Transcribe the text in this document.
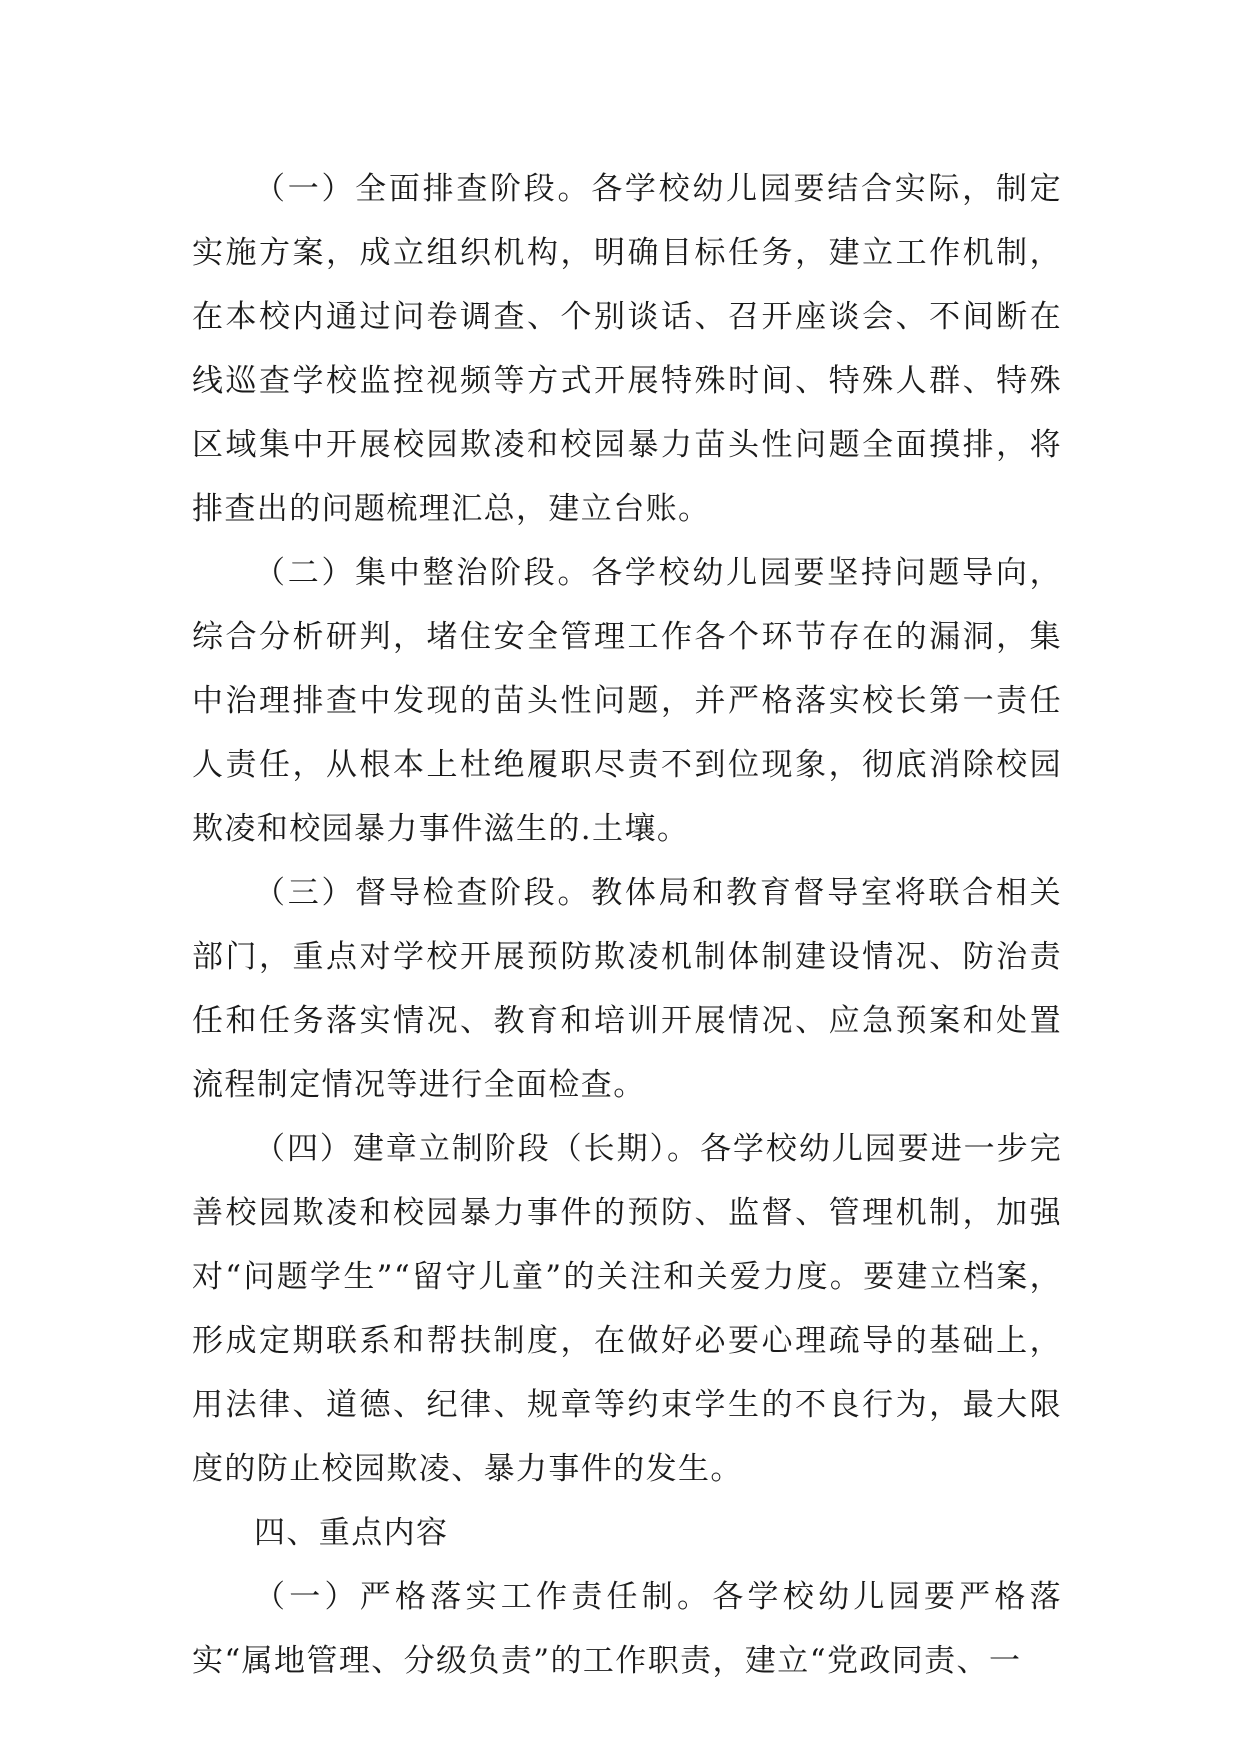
（一）全面排查阶段。各学校幼儿园要结合实际，制定实施方案，成立组织机构，明确目标任务，建立工作机制，在本校内通过问卷调查、个别谈话、召开座谈会、不间断在线巡查学校监控视频等方式开展特殊时间、特殊人群、特殊区域集中开展校园欺凌和校园暴力苗头性问题全面摸排，将排查出的问题梳理汇总，建立台账。

（二）集中整治阶段。各学校幼儿园要坚持问题导向，综合分析研判，堵住安全管理工作各个环节存在的漏洞，集中治理排查中发现的苗头性问题，并严格落实校长第一责任人责任，从根本上杜绝履职尽责不到位现象，彻底消除校园欺凌和校园暴力事件滋生的.土壤。

（三）督导检查阶段。教体局和教育督导室将联合相关部门，重点对学校开展预防欺凌机制体制建设情况、防治责任和任务落实情况、教育和培训开展情况、应急预案和处置流程制定情况等进行全面检查。

（四）建章立制阶段（长期）。各学校幼儿园要进一步完善校园欺凌和校园暴力事件的预防、监督、管理机制，加强对“问题学生”“留守儿童”的关注和关爱力度。要建立档案，形成定期联系和帮扶制度，在做好必要心理疏导的基础上，用法律、道德、纪律、规章等约束学生的不良行为，最大限度的防止校园欺凌、暴力事件的发生。

四、重点内容

（一）严格落实工作责任制。各学校幼儿园要严格落实“属地管理、分级负责”的工作职责，建立“党政同责、一
